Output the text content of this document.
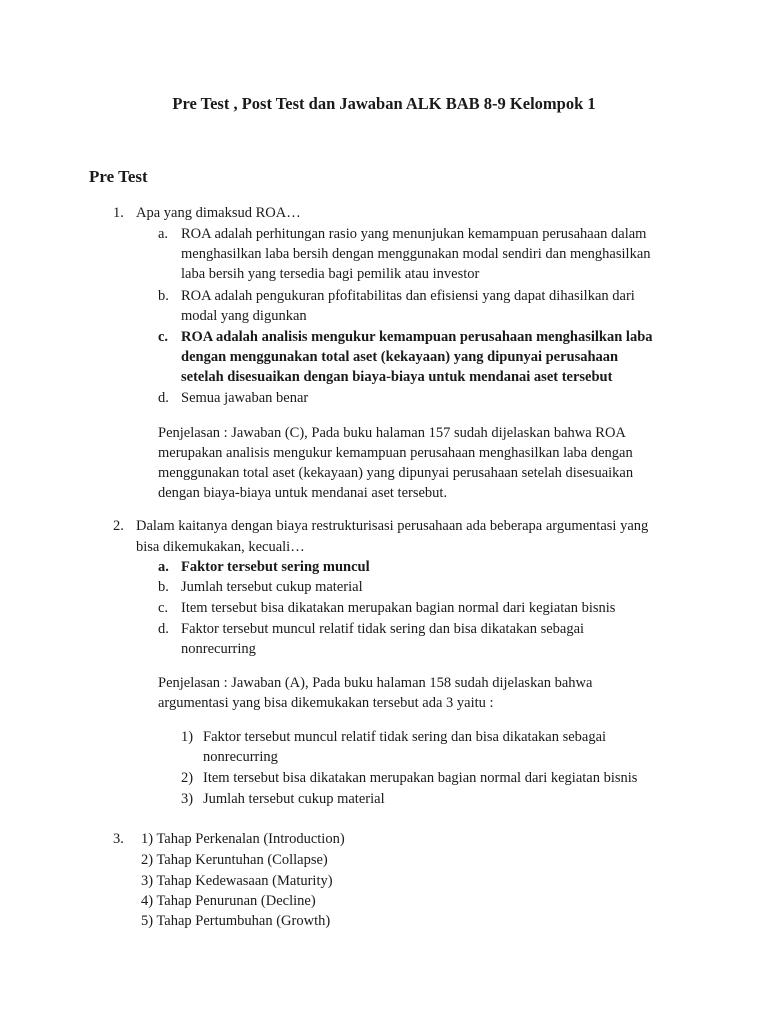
Pre Test , Post Test dan Jawaban ALK BAB 8-9 Kelompok 1
Pre Test
1. Apa yang dimaksud ROA…
a. ROA adalah perhitungan rasio yang menunjukan kemampuan perusahaan dalam
menghasilkan laba bersih dengan menggunakan modal sendiri dan menghasilkan
laba bersih yang tersedia bagi pemilik atau investor
b. ROA adalah pengukuran pfofitabilitas dan efisiensi yang dapat dihasilkan dari
modal yang digunkan
c. ROA adalah analisis mengukur kemampuan perusahaan menghasilkan laba
dengan menggunakan total aset (kekayaan) yang dipunyai perusahaan
setelah disesuaikan dengan biaya-biaya untuk mendanai aset tersebut
d. Semua jawaban benar
Penjelasan : Jawaban (C), Pada buku halaman 157 sudah dijelaskan bahwa ROA
merupakan analisis mengukur kemampuan perusahaan menghasilkan laba dengan
menggunakan total aset (kekayaan) yang dipunyai perusahaan setelah disesuaikan
dengan biaya-biaya untuk mendanai aset tersebut.
2. Dalam kaitanya dengan biaya restrukturisasi perusahaan ada beberapa argumentasi yang
bisa dikemukakan, kecuali…
a. Faktor tersebut sering muncul
b. Jumlah tersebut cukup material
c. Item tersebut bisa dikatakan merupakan bagian normal dari kegiatan bisnis
d. Faktor tersebut muncul relatif tidak sering dan bisa dikatakan sebagai
nonrecurring
Penjelasan : Jawaban (A), Pada buku halaman 158 sudah dijelaskan bahwa
argumentasi yang bisa dikemukakan tersebut ada 3 yaitu :
1) Faktor tersebut muncul relatif tidak sering dan bisa dikatakan sebagai
nonrecurring
2) Item tersebut bisa dikatakan merupakan bagian normal dari kegiatan bisnis
3) Jumlah tersebut cukup material
3. 1) Tahap Perkenalan (Introduction)
2) Tahap Keruntuhan (Collapse)
3) Tahap Kedewasaan (Maturity)
4) Tahap Penurunan (Decline)
5) Tahap Pertumbuhan (Growth)
